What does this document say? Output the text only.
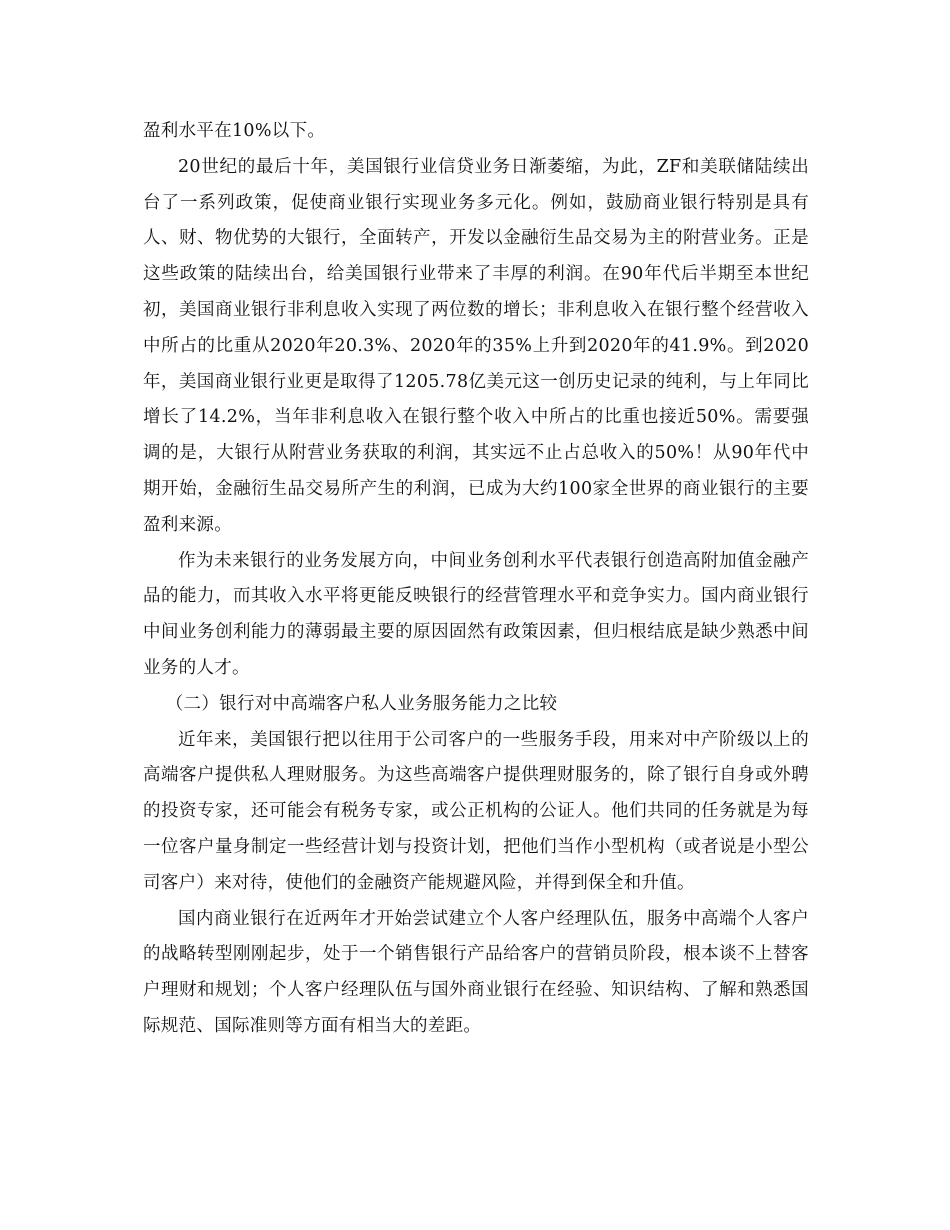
盈利水平在10%以下。

20世纪的最后十年，美国银行业信贷业务日渐萎缩，为此，ZF和美联储陆续出台了一系列政策，促使商业银行实现业务多元化。例如，鼓励商业银行特别是具有人、财、物优势的大银行，全面转产，开发以金融衍生品交易为主的附营业务。正是这些政策的陆续出台，给美国银行业带来了丰厚的利润。在90年代后半期至本世纪初，美国商业银行非利息收入实现了两位数的增长；非利息收入在银行整个经营收入中所占的比重从2020年20.3%、2020年的35%上升到2020年的41.9%。到2020年，美国商业银行业更是取得了1205.78亿美元这一创历史记录的纯利，与上年同比增长了14.2%，当年非利息收入在银行整个收入中所占的比重也接近50%。需要强调的是，大银行从附营业务获取的利润，其实远不止占总收入的50%！从90年代中期开始，金融衍生品交易所产生的利润，已成为大约100家全世界的商业银行的主要盈利来源。

作为未来银行的业务发展方向，中间业务创利水平代表银行创造高附加值金融产品的能力，而其收入水平将更能反映银行的经营管理水平和竞争实力。国内商业银行中间业务创利能力的薄弱最主要的原因固然有政策因素，但归根结底是缺少熟悉中间业务的人才。

（二）银行对中高端客户私人业务服务能力之比较

近年来，美国银行把以往用于公司客户的一些服务手段，用来对中产阶级以上的高端客户提供私人理财服务。为这些高端客户提供理财服务的，除了银行自身或外聘的投资专家，还可能会有税务专家，或公正机构的公证人。他们共同的任务就是为每一位客户量身制定一些经营计划与投资计划，把他们当作小型机构（或者说是小型公司客户）来对待，使他们的金融资产能规避风险，并得到保全和升值。

国内商业银行在近两年才开始尝试建立个人客户经理队伍，服务中高端个人客户的战略转型刚刚起步，处于一个销售银行产品给客户的营销员阶段，根本谈不上替客户理财和规划；个人客户经理队伍与国外商业银行在经验、知识结构、了解和熟悉国际规范、国际准则等方面有相当大的差距。
